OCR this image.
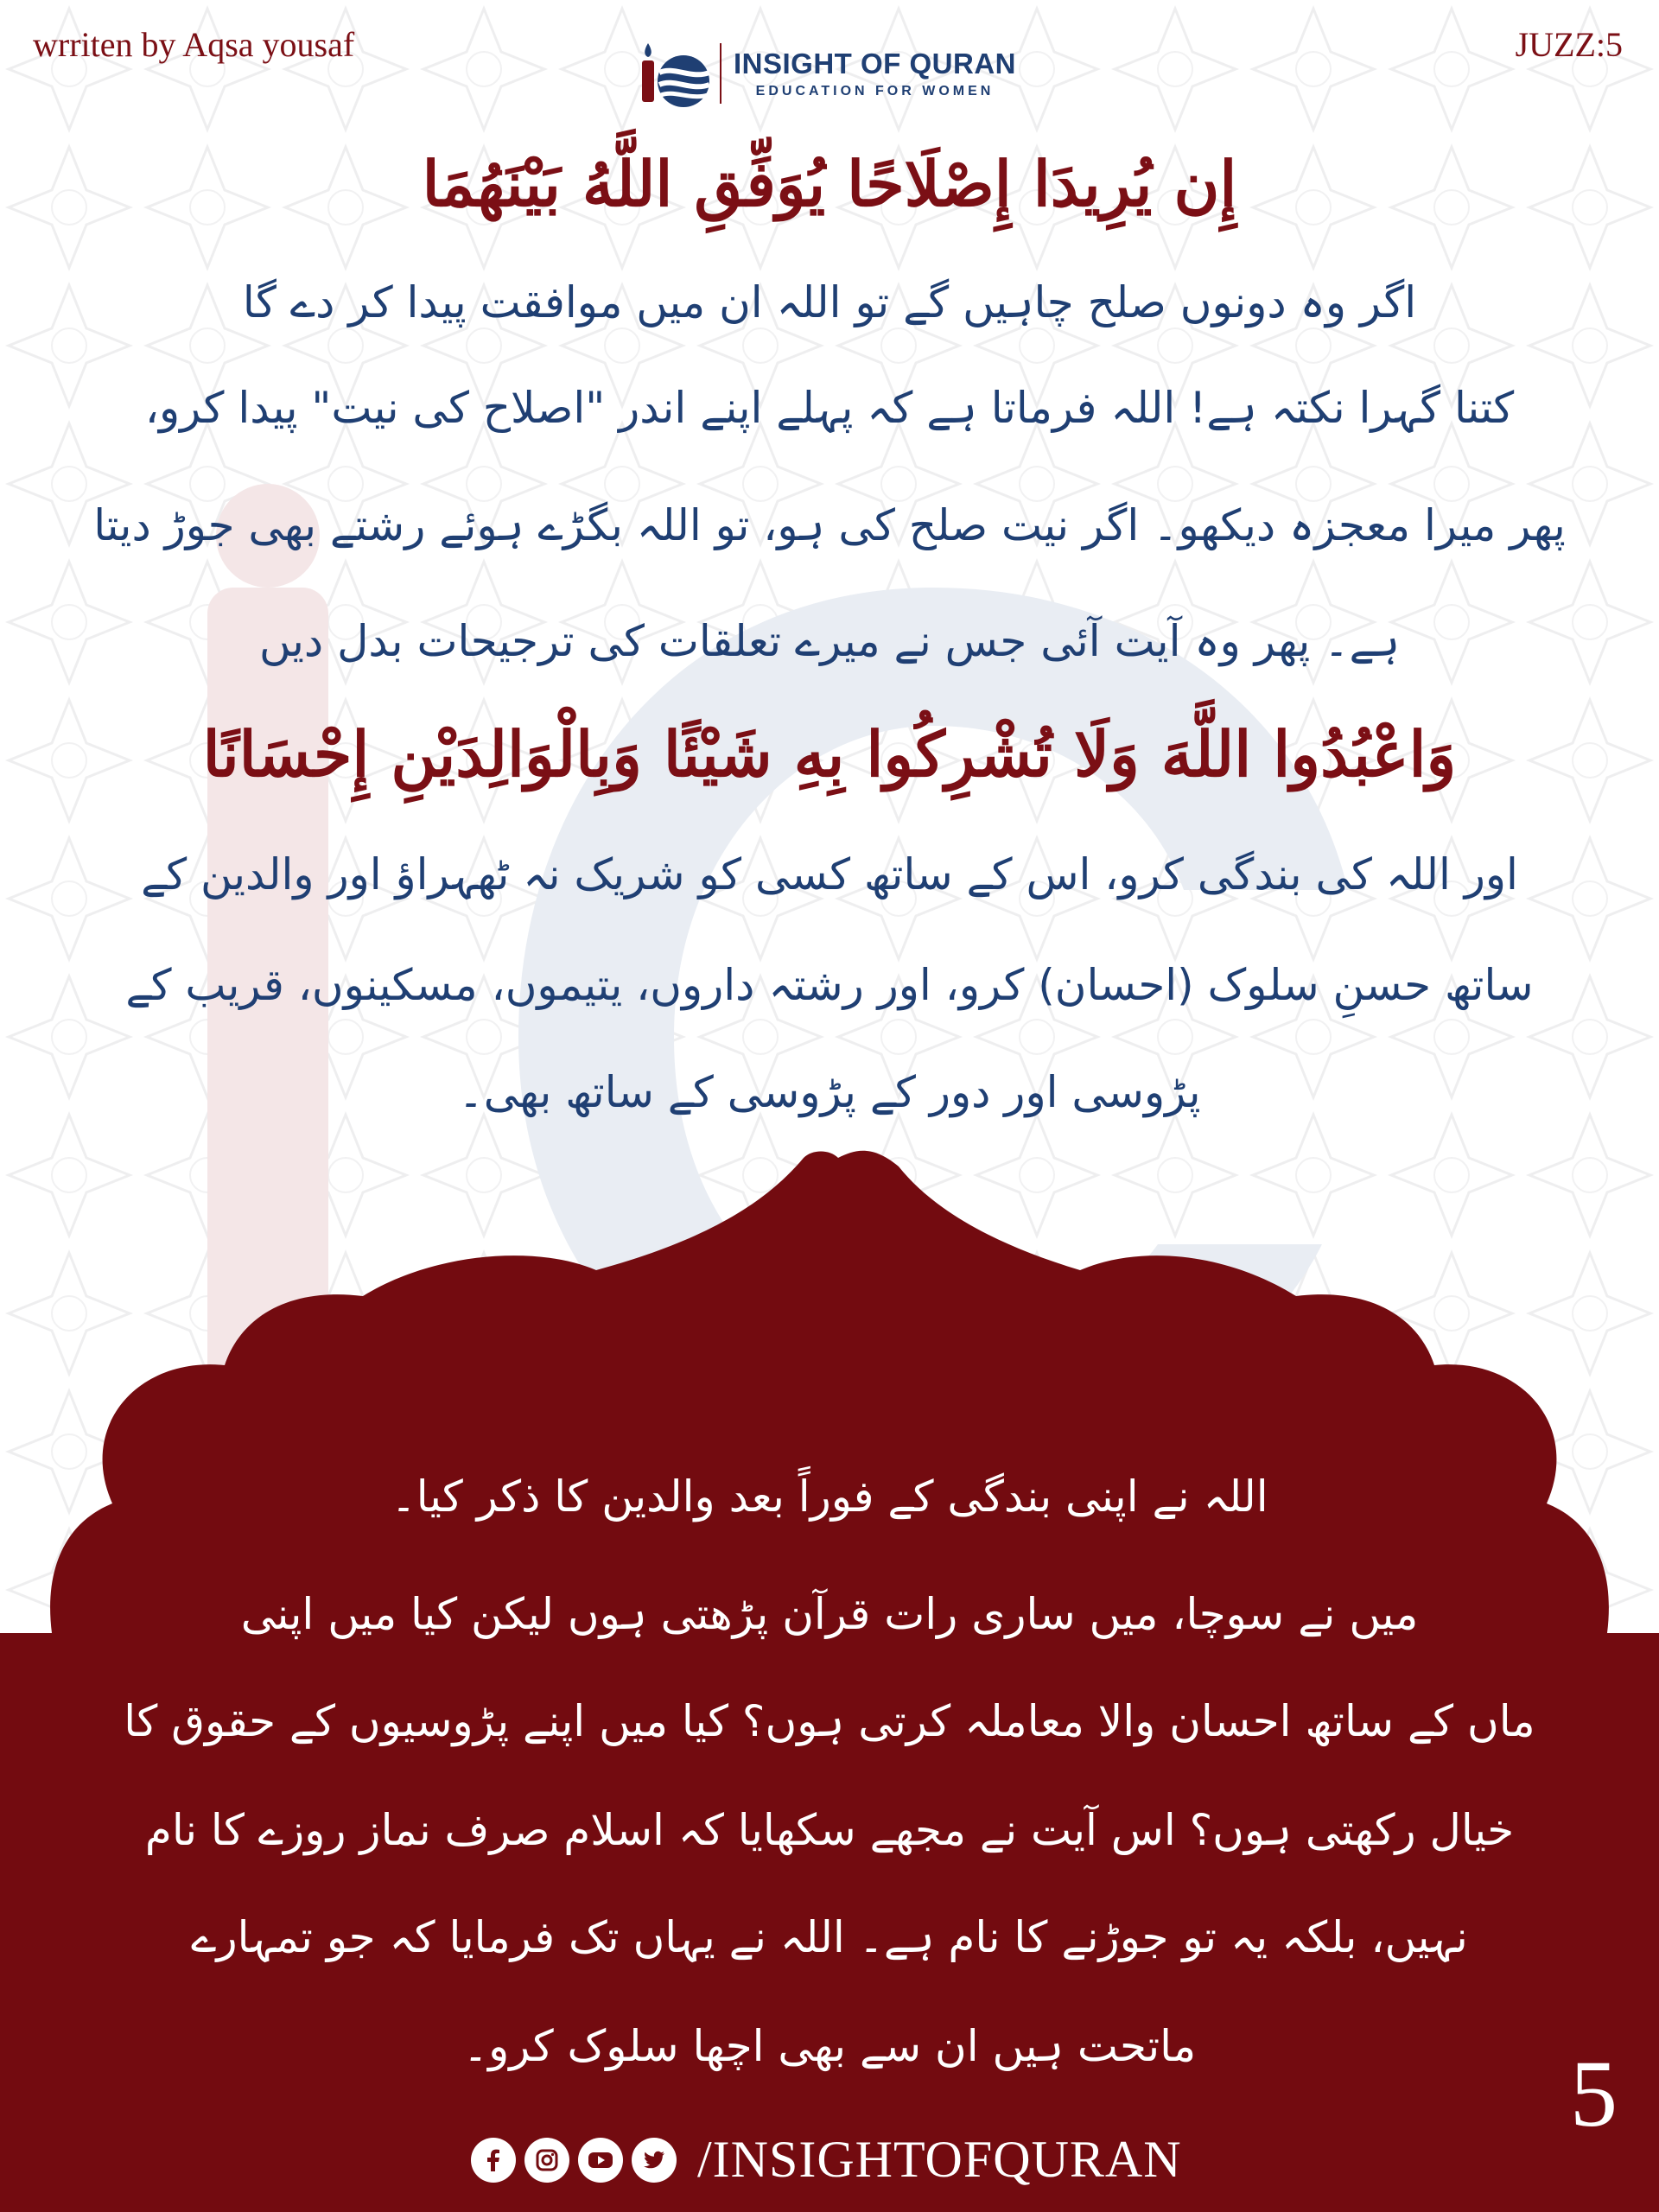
wrriten by Aqsa yousaf	JUZZ:5
INSIGHT OF QURAN
EDUCATION FOR WOMEN
إِن يُرِيدَا إِصْلَاحًا يُوَفِّقِ اللَّهُ بَيْنَهُمَا
اگر وہ دونوں صلح چاہیں گے تو اللہ ان میں موافقت پیدا کر دے گا
کتنا گہرا نکتہ ہے! اللہ فرماتا ہے کہ پہلے اپنے اندر "اصلاح کی نیت" پیدا کرو،
پھر میرا معجزہ دیکھو۔ اگر نیت صلح کی ہو، تو اللہ بگڑے ہوئے رشتے بھی جوڑ دیتا
ہے۔ پھر وہ آیت آئی جس نے میرے تعلقات کی ترجیحات بدل دیں
وَاعْبُدُوا اللَّهَ وَلَا تُشْرِكُوا بِهِ شَيْئًا وَبِالْوَالِدَيْنِ إِحْسَانًا
اور اللہ کی بندگی کرو، اس کے ساتھ کسی کو شریک نہ ٹھہراؤ اور والدین کے
ساتھ حسنِ سلوک (احسان) کرو، اور رشتہ داروں، یتیموں، مسکینوں، قریب کے
پڑوسی اور دور کے پڑوسی کے ساتھ بھی۔
اللہ نے اپنی بندگی کے فوراً بعد والدین کا ذکر کیا۔
میں نے سوچا، میں ساری رات قرآن پڑھتی ہوں لیکن کیا میں اپنی
ماں کے ساتھ احسان والا معاملہ کرتی ہوں؟ کیا میں اپنے پڑوسیوں کے حقوق کا
خیال رکھتی ہوں؟ اس آیت نے مجھے سکھایا کہ اسلام صرف نماز روزے کا نام
نہیں، بلکہ یہ تو جوڑنے کا نام ہے۔ اللہ نے یہاں تک فرمایا کہ جو تمہارے
ماتحت ہیں ان سے بھی اچھا سلوک کرو۔	5
/INSIGHTOFQURAN
